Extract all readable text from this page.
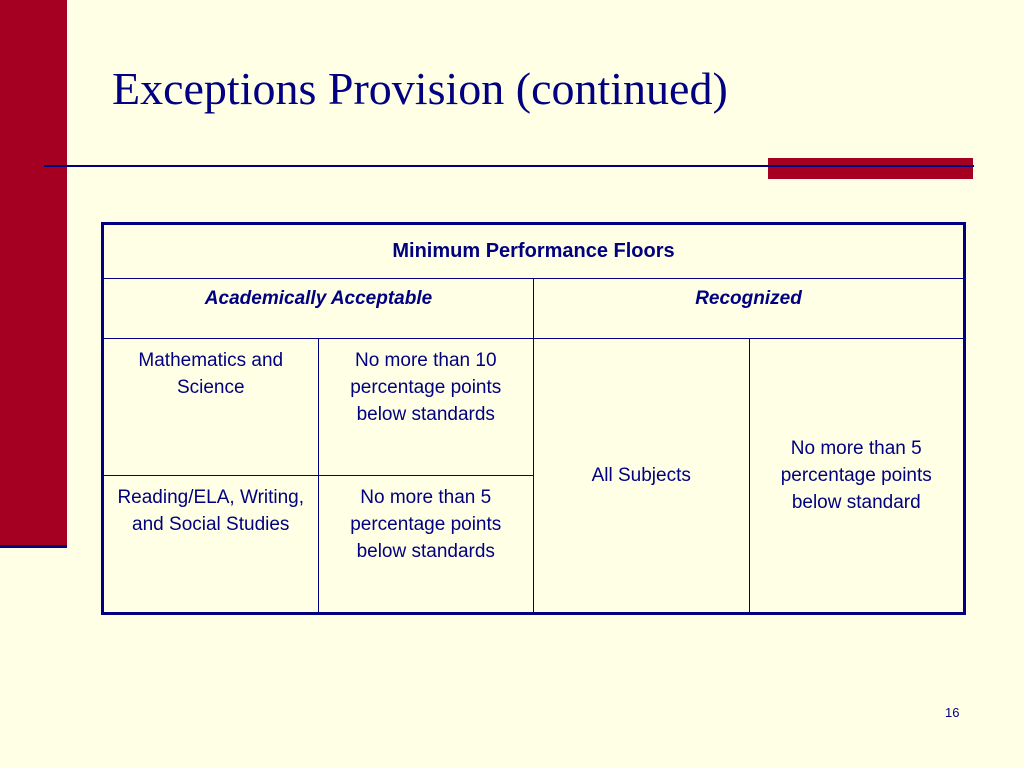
Exceptions Provision (continued)
Minimum Performance Floors			
Academically Acceptable		Recognized	
Mathematics and Science	No more than 10 percentage points below standards	All Subjects	No more than 5 percentage points below standard
Reading/ELA, Writing, and Social Studies	No more than 5 percentage points below standards		
16
